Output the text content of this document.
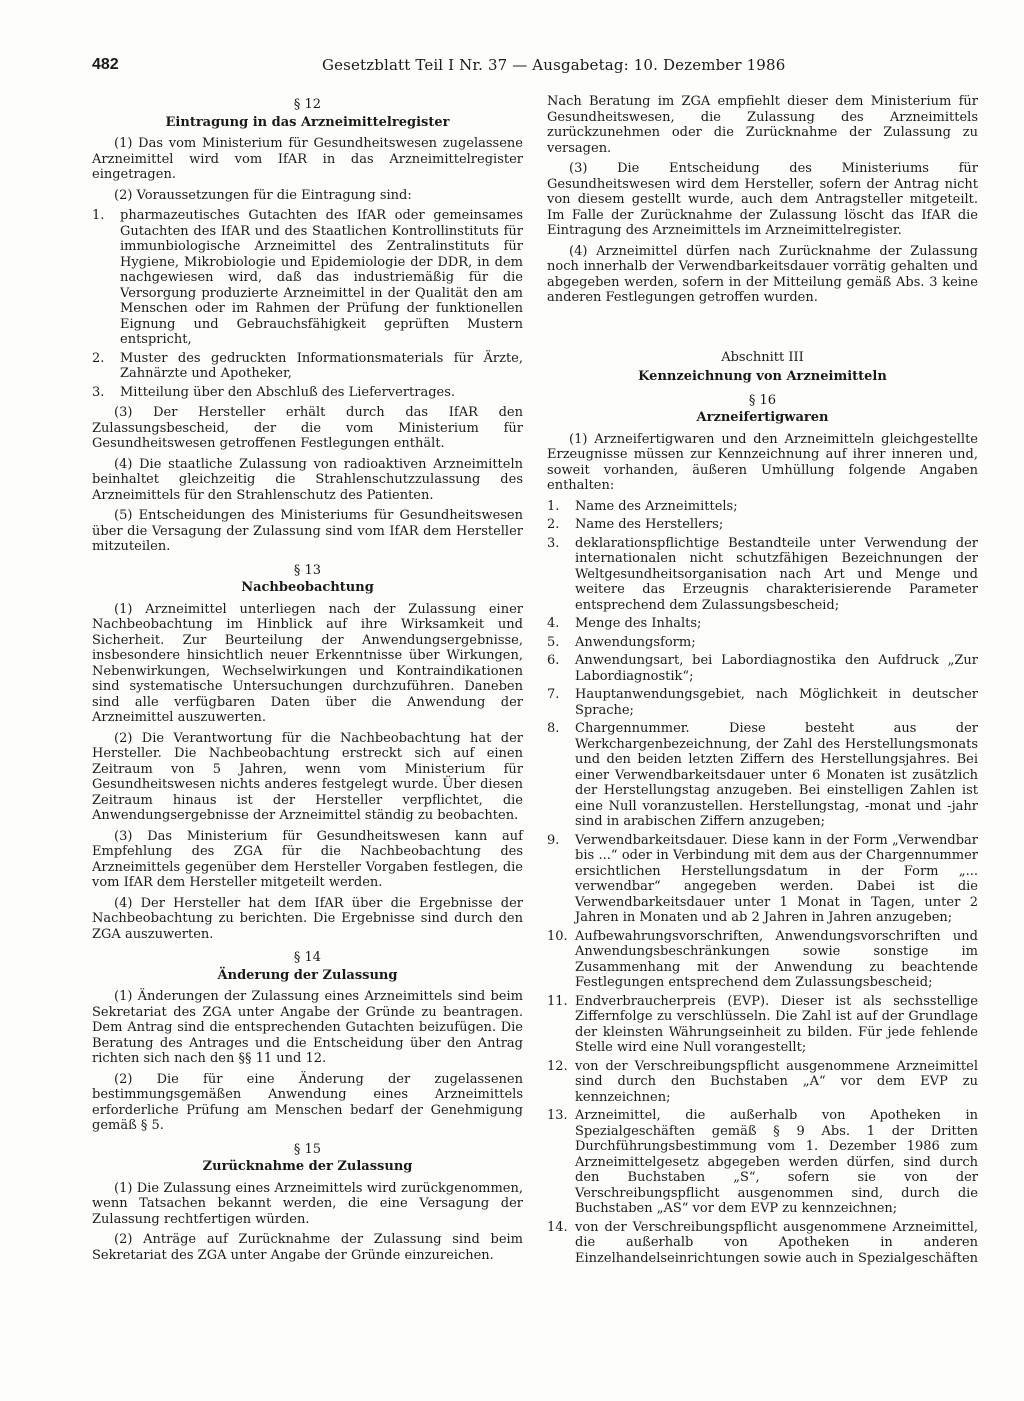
482	Gesetzblatt Teil I Nr. 37 — Ausgabetag: 10. Dezember 1986
§ 12
Eintragung in das Arzneimittelregister

(1) Das vom Ministerium für Gesundheitswesen zugelassene Arzneimittel wird vom IfAR in das Arzneimittelregister eingetragen.

(2) Voraussetzungen für die Eintragung sind:

1.	pharmazeutisches Gutachten des IfAR oder gemeinsames Gutachten des IfAR und des Staatlichen Kontrollinstituts für immunbiologische Arzneimittel des Zentralinstituts für Hygiene, Mikrobiologie und Epidemiologie der DDR, in dem nachgewiesen wird, daß das industriemäßig für die Versorgung produzierte Arzneimittel in der Qualität den am Menschen oder im Rahmen der Prüfung der funktionellen Eignung und Gebrauchsfähigkeit geprüften Mustern entspricht,
2.	Muster des gedruckten Informationsmaterials für Ärzte, Zahnärzte und Apotheker,
3.	Mitteilung über den Abschluß des Liefervertrages.

(3) Der Hersteller erhält durch das IfAR den Zulassungsbescheid, der die vom Ministerium für Gesundheitswesen getroffenen Festlegungen enthält.

(4) Die staatliche Zulassung von radioaktiven Arzneimitteln beinhaltet gleichzeitig die Strahlenschutzzulassung des Arzneimittels für den Strahlenschutz des Patienten.

(5) Entscheidungen des Ministeriums für Gesundheitswesen über die Versagung der Zulassung sind vom IfAR dem Hersteller mitzuteilen.

§ 13
Nachbeobachtung

(1) Arzneimittel unterliegen nach der Zulassung einer Nachbeobachtung im Hinblick auf ihre Wirksamkeit und Sicherheit. Zur Beurteilung der Anwendungsergebnisse, insbesondere hinsichtlich neuer Erkenntnisse über Wirkungen, Nebenwirkungen, Wechselwirkungen und Kontraindikationen sind systematische Untersuchungen durchzuführen. Daneben sind alle verfügbaren Daten über die Anwendung der Arzneimittel auszuwerten.

(2) Die Verantwortung für die Nachbeobachtung hat der Hersteller. Die Nachbeobachtung erstreckt sich auf einen Zeitraum von 5 Jahren, wenn vom Ministerium für Gesundheitswesen nichts anderes festgelegt wurde. Über diesen Zeitraum hinaus ist der Hersteller verpflichtet, die Anwendungsergebnisse der Arzneimittel ständig zu beobachten.

(3) Das Ministerium für Gesundheitswesen kann auf Empfehlung des ZGA für die Nachbeobachtung des Arzneimittels gegenüber dem Hersteller Vorgaben festlegen, die vom IfAR dem Hersteller mitgeteilt werden.

(4) Der Hersteller hat dem IfAR über die Ergebnisse der Nachbeobachtung zu berichten. Die Ergebnisse sind durch den ZGA auszuwerten.

§ 14
Änderung der Zulassung

(1) Änderungen der Zulassung eines Arzneimittels sind beim Sekretariat des ZGA unter Angabe der Gründe zu beantragen. Dem Antrag sind die entsprechenden Gutachten beizufügen. Die Beratung des Antrages und die Entscheidung über den Antrag richten sich nach den §§ 11 und 12.

(2) Die für eine Änderung der zugelassenen bestimmungsgemäßen Anwendung eines Arzneimittels erforderliche Prüfung am Menschen bedarf der Genehmigung gemäß § 5.

§ 15
Zurücknahme der Zulassung

(1) Die Zulassung eines Arzneimittels wird zurückgenommen, wenn Tatsachen bekannt werden, die eine Versagung der Zulassung rechtfertigen würden.

(2) Anträge auf Zurücknahme der Zulassung sind beim Sekretariat des ZGA unter Angabe der Gründe einzureichen.

Nach Beratung im ZGA empfiehlt dieser dem Ministerium für Gesundheitswesen, die Zulassung des Arzneimittels zurückzunehmen oder die Zurücknahme der Zulassung zu versagen.

(3) Die Entscheidung des Ministeriums für Gesundheitswesen wird dem Hersteller, sofern der Antrag nicht von diesem gestellt wurde, auch dem Antragsteller mitgeteilt. Im Falle der Zurücknahme der Zulassung löscht das IfAR die Eintragung des Arzneimittels im Arzneimittelregister.

(4) Arzneimittel dürfen nach Zurücknahme der Zulassung noch innerhalb der Verwendbarkeitsdauer vorrätig gehalten und abgegeben werden, sofern in der Mitteilung gemäß Abs. 3 keine anderen Festlegungen getroffen wurden.

Abschnitt III
Kennzeichnung von Arzneimitteln
§ 16
Arzneifertigwaren

(1) Arzneifertigwaren und den Arzneimitteln gleichgestellte Erzeugnisse müssen zur Kennzeichnung auf ihrer inneren und, soweit vorhanden, äußeren Umhüllung folgende Angaben enthalten:

1.	Name des Arzneimittels;
2.	Name des Herstellers;
3.	deklarationspflichtige Bestandteile unter Verwendung der internationalen nicht schutzfähigen Bezeichnungen der Weltgesundheitsorganisation nach Art und Menge und weitere das Erzeugnis charakterisierende Parameter entsprechend dem Zulassungsbescheid;
4.	Menge des Inhalts;
5.	Anwendungsform;
6.	Anwendungsart, bei Labordiagnostika den Aufdruck „Zur Labordiagnostik“;
7.	Hauptanwendungsgebiet, nach Möglichkeit in deutscher Sprache;
8.	Chargennummer. Diese besteht aus der Werkchargenbezeichnung, der Zahl des Herstellungsmonats und den beiden letzten Ziffern des Herstellungsjahres. Bei einer Verwendbarkeitsdauer unter 6 Monaten ist zusätzlich der Herstellungstag anzugeben. Bei einstelligen Zahlen ist eine Null voranzustellen. Herstellungstag, -monat und -jahr sind in arabischen Ziffern anzugeben;
9.	Verwendbarkeitsdauer. Diese kann in der Form „Verwendbar bis ...“ oder in Verbindung mit dem aus der Chargennummer ersichtlichen Herstellungsdatum in der Form „... verwendbar“ angegeben werden. Dabei ist die Verwendbarkeitsdauer unter 1 Monat in Tagen, unter 2 Jahren in Monaten und ab 2 Jahren in Jahren anzugeben;
10. Aufbewahrungsvorschriften, Anwendungsvorschriften und Anwendungsbeschränkungen sowie sonstige im Zusammenhang mit der Anwendung zu beachtende Festlegungen entsprechend dem Zulassungsbescheid;
11. Endverbraucherpreis (EVP). Dieser ist als sechsstellige Ziffernfolge zu verschlüsseln. Die Zahl ist auf der Grundlage der kleinsten Währungseinheit zu bilden. Für jede fehlende Stelle wird eine Null vorangestellt;
12. von der Verschreibungspflicht ausgenommene Arzneimittel sind durch den Buchstaben „A“ vor dem EVP zu kennzeichnen;
13. Arzneimittel, die außerhalb von Apotheken in Spezialgeschäften gemäß § 9 Abs. 1 der Dritten Durchführungsbestimmung vom 1. Dezember 1986 zum Arzneimittelgesetz abgegeben werden dürfen, sind durch den Buchstaben „S“, sofern sie von der Verschreibungspflicht ausgenommen sind, durch die Buchstaben „AS“ vor dem EVP zu kennzeichnen;
14. von der Verschreibungspflicht ausgenommene Arzneimittel, die außerhalb von Apotheken in anderen Einzelhandelseinrichtungen sowie auch in Spezialgeschäften
